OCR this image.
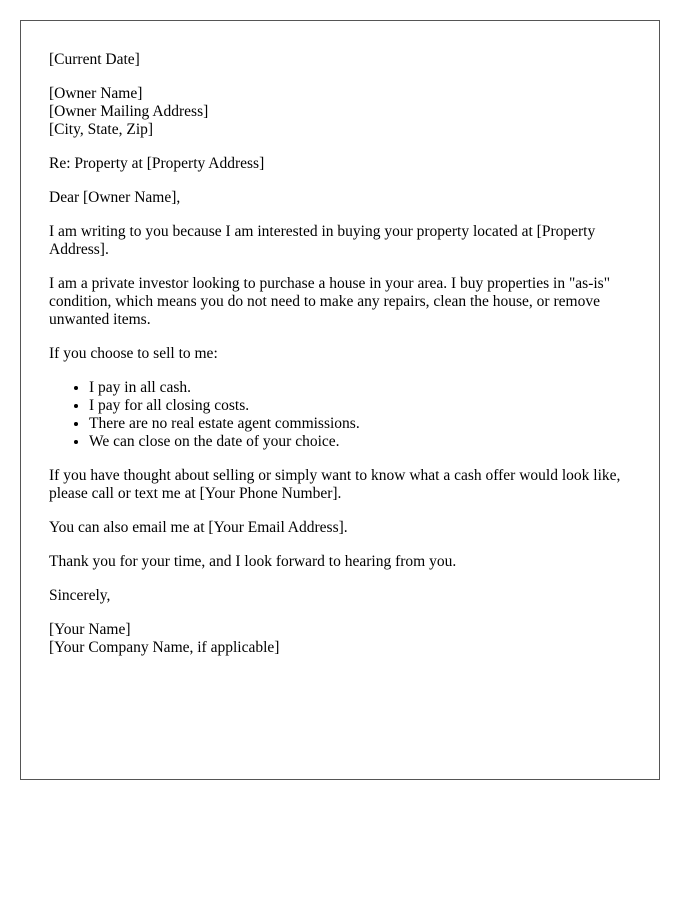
[Current Date]

[Owner Name]
[Owner Mailing Address]
[City, State, Zip]

Re: Property at [Property Address]

Dear [Owner Name],

I am writing to you because I am interested in buying your property located at [Property Address].

I am a private investor looking to purchase a house in your area. I buy properties in "as-is" condition, which means you do not need to make any repairs, clean the house, or remove unwanted items.

If you choose to sell to me:

• I pay in all cash.
• I pay for all closing costs.
• There are no real estate agent commissions.
• We can close on the date of your choice.

If you have thought about selling or simply want to know what a cash offer would look like, please call or text me at [Your Phone Number].

You can also email me at [Your Email Address].

Thank you for your time, and I look forward to hearing from you.

Sincerely,

[Your Name]
[Your Company Name, if applicable]
